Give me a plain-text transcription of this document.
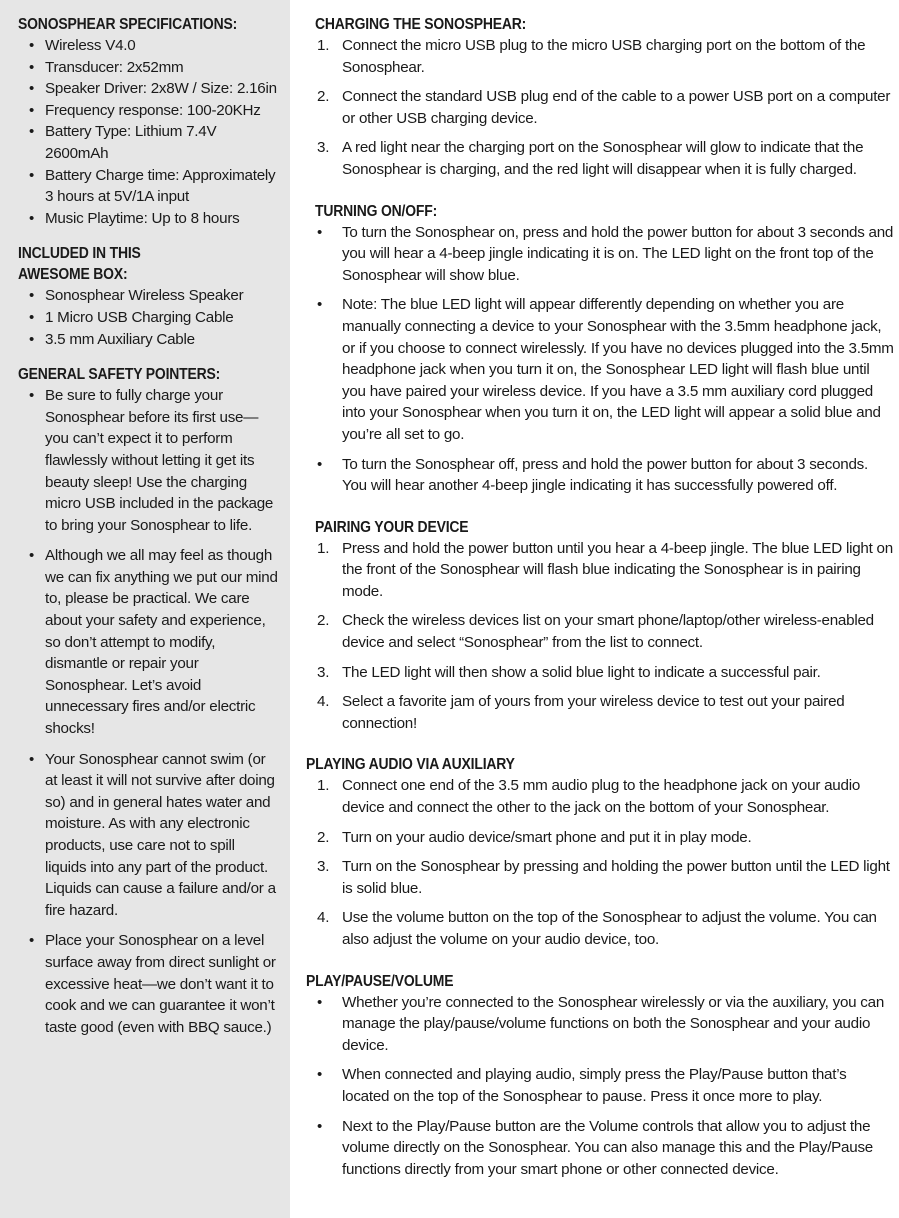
SONOSPHEAR SPECIFICATIONS:
•
Wireless V4.0
•
Transducer: 2x52mm
•
Speaker Driver: 2x8W / Size: 2.16in
•
Frequency response: 100-20KHz
•
Battery Type: Lithium 7.4V 2600mAh
•
Battery Charge time: Approximately 3 hours at 5V/1A input
•
Music Playtime: Up to 8 hours
INCLUDED IN THIS AWESOME BOX:
•
Sonosphear Wireless Speaker
•
1 Micro USB Charging Cable
•
3.5 mm Auxiliary Cable
GENERAL SAFETY POINTERS:
•
Be sure to fully charge your Sonosphear before its first use—you can’t expect it to perform flawlessly without letting it get its beauty sleep! Use the charging micro USB included in the package to bring your Sonosphear to life.
•
Although we all may feel as though we can fix anything we put our mind to, please be practical. We care about your safety and experience, so don’t attempt to modify, dismantle or repair your Sonosphear. Let’s avoid unnecessary fires and/or electric shocks!
•
Your Sonosphear cannot swim (or at least it will not survive after doing so) and in general hates water and moisture. As with any electronic products, use care not to spill liquids into any part of the product. Liquids can cause a failure and/or a fire hazard.
•
Place your Sonosphear on a level surface away from direct sunlight or excessive heat—we don’t want it to cook and we can guarantee it won’t taste good (even with BBQ sauce.)
CHARGING THE SONOSPHEAR:
1. Connect the micro USB plug to the micro USB charging port on the bottom of the Sonosphear.
2. Connect the standard USB plug end of the cable to a power USB port on a computer or other USB charging device.
3. A red light near the charging port on the Sonosphear will glow to indicate that the Sonosphear is charging, and the red light will disappear when it is fully charged.
TURNING ON/OFF:
•
To turn the Sonosphear on, press and hold the power button for about 3 seconds and you will hear a 4-beep jingle indicating it is on. The LED light on the front top of the Sonosphear will show blue.
•
Note: The blue LED light will appear differently depending on whether you are manually connecting a device to your Sonosphear with the 3.5mm headphone jack, or if you choose to connect wirelessly. If you have no devices plugged into the 3.5mm headphone jack when you turn it on, the Sonosphear LED light will flash blue until you have paired your wireless device. If you have a 3.5 mm auxiliary cord plugged into your Sonosphear when you turn it on, the LED light will appear a solid blue and you’re all set to go.
•
To turn the Sonosphear off, press and hold the power button for about 3 seconds. You will hear another 4-beep jingle indicating it has successfully powered off.
PAIRING YOUR DEVICE
1. Press and hold the power button until you hear a 4-beep jingle. The blue LED light on the front of the Sonosphear will flash blue indicating the Sonosphear is in pairing mode.
2. Check the wireless devices list on your smart phone/laptop/other wireless-enabled device and select “Sonosphear” from the list to connect.
3. The LED light will then show a solid blue light to indicate a successful pair.
4. Select a favorite jam of yours from your wireless device to test out your paired connection!
PLAYING AUDIO VIA AUXILIARY
1. Connect one end of the 3.5 mm audio plug to the headphone jack on your audio device and connect the other to the jack on the bottom of your Sonosphear.
2. Turn on your audio device/smart phone and put it in play mode.
3. Turn on the Sonosphear by pressing and holding the power button until the LED light is solid blue.
4. Use the volume button on the top of the Sonosphear to adjust the volume. You can also adjust the volume on your audio device, too.
PLAY/PAUSE/VOLUME
•
Whether you’re connected to the Sonosphear wirelessly or via the auxiliary, you can manage the play/pause/volume functions on both the Sonosphear and your audio device.
•
When connected and playing audio, simply press the Play/Pause button that’s located on the top of the Sonosphear to pause. Press it once more to play.
•
Next to the Play/Pause button are the Volume controls that allow you to adjust the volume directly on the Sonosphear. You can also manage this and the Play/Pause functions directly from your smart phone or other connected device.
